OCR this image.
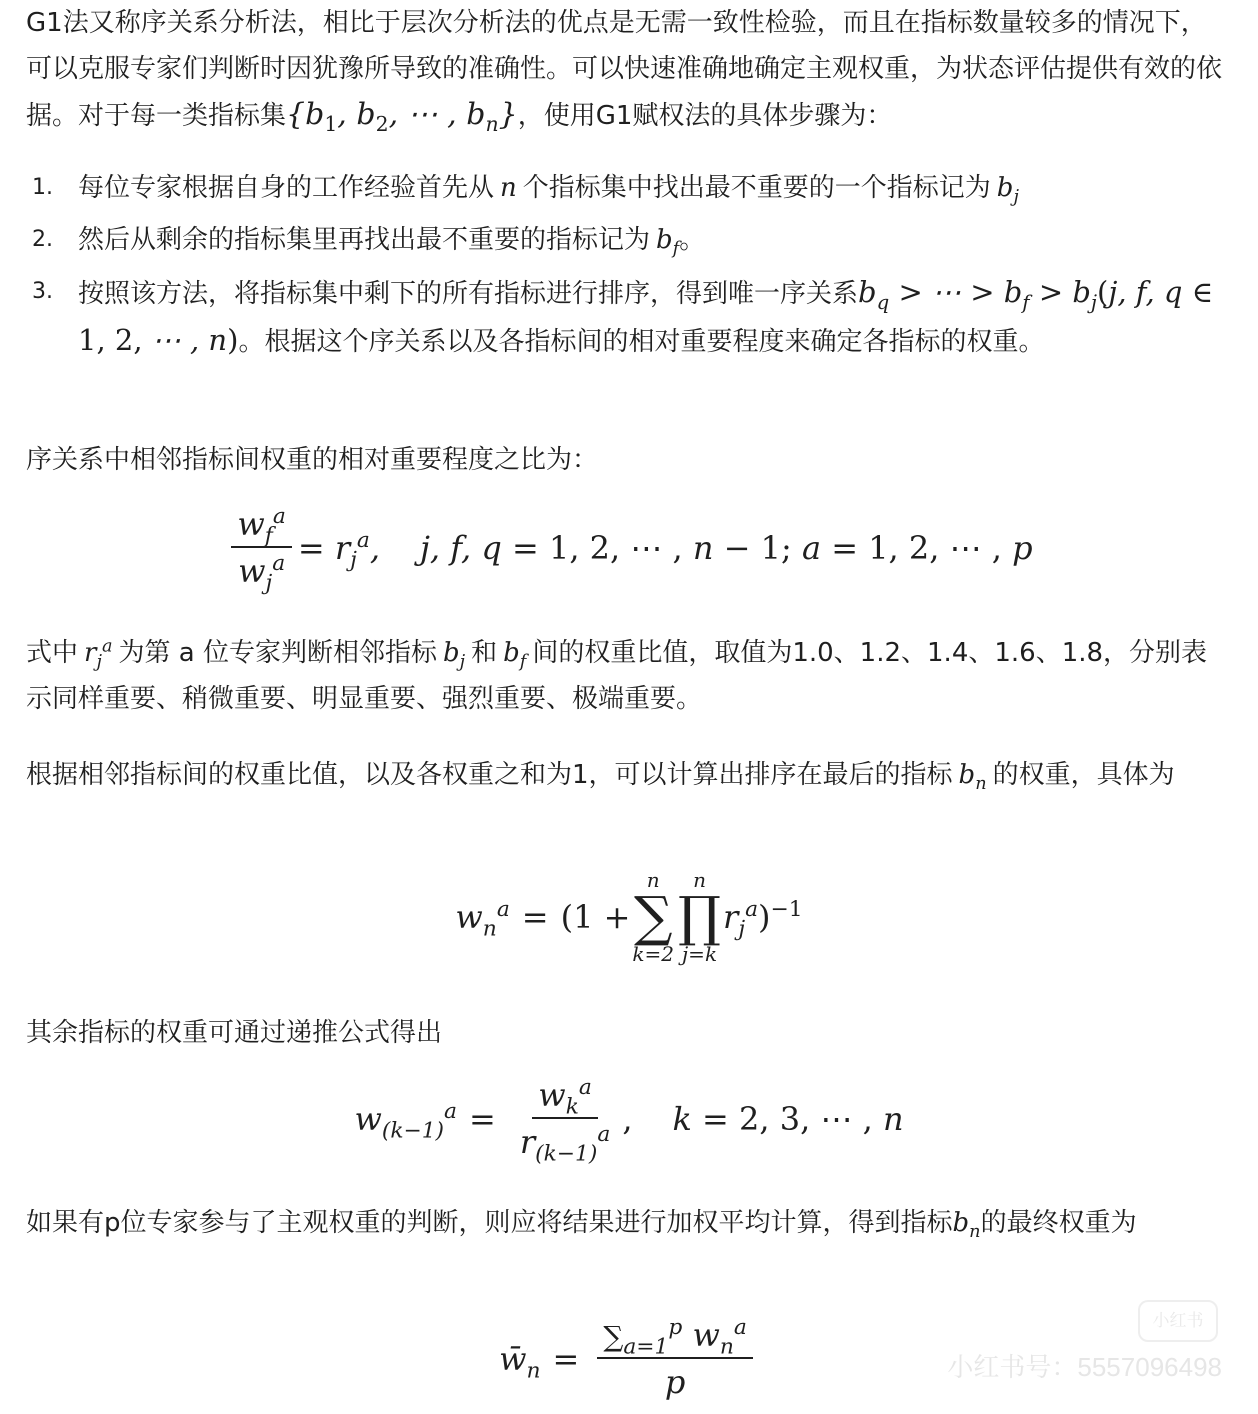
G1法又称序关系分析法，相比于层次分析法的优点是无需一致性检验，而且在指标数量较多的情况下，可以克服专家们判断时因犹豫所导致的准确性。可以快速准确地确定主观权重，为状态评估提供有效的依据。对于每一类指标集{$b_1$, $b_2$, ⋯ , $b_n$}，使用G1赋权法的具体步骤为：

1. 每位专家根据自身的工作经验首先从 n 个指标集中找出最不重要的一个指标记为 $b_j$
2. 然后从剩余的指标集里再找出最不重要的指标记为 $b_f$。
3. 按照该方法，将指标集中剩下的所有指标进行排序，得到唯一序关系$b_q$ > ⋯ > $b_f > b_j(j$, f, q ∈ 1, 2, ⋯ , n)。根据这个序关系以及各指标间的相对重要程度来确定各指标的权重。

序关系中相邻指标间权重的相对重要程度之比为：

$\frac{w_f^a}{w_j^a} = r_j^a$, j, f, q = 1, 2, ⋯ , n − 1; a = 1, 2, ⋯ , p

式中 $r_j^a$ 为第 a 位专家判断相邻指标 $b_j$ 和 $b_f$ 间的权重比值，取值为1.0、1.2、1.4、1.6、1.8，分别表示同样重要、稍微重要、明显重要、强烈重要、极端重要。

根据相邻指标间的权重比值，以及各权重之和为1，可以计算出排序在最后的指标 $b_n$ 的权重，具体为

$w_n^a = (1$ +
n
∑
k=2
n
∏
j=k
$r_j^a$ )$^{-1}$

其余指标的权重可通过递推公式得出

$w_{(k-1)}^a = \frac{w_k^a}{r_{(k-1)}^a}$ , k = 2, 3, ⋯ , n

如果有p位专家参与了主观权重的判断，则应将结果进行加权平均计算，得到指标$b_n$的最终权重为

$w̄_n = \frac{\sum_{a=1}^p w_n^a}{p}$	小红书
小红书号：5557096498
